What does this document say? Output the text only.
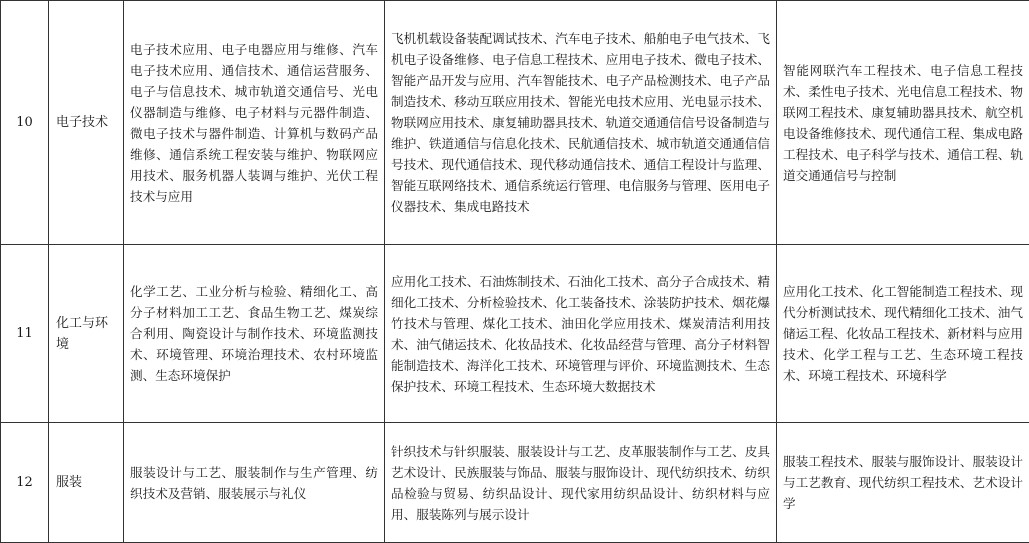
10	电子技术	电子技术应用、电子电器应用与维修、汽车电子技术应用、通信技术、通信运营服务、电子与信息技术、城市轨道交通信号、光电仪器制造与维修、电子材料与元器件制造、微电子技术与器件制造、计算机与数码产品维修、通信系统工程安装与维护、物联网应用技术、服务机器人装调与维护、光伏工程技术与应用	飞机机载设备装配调试技术、汽车电子技术、船舶电子电气技术、飞机电子设备维修、电子信息工程技术、应用电子技术、微电子技术、智能产品开发与应用、汽车智能技术、电子产品检测技术、电子产品制造技术、移动互联应用技术、智能光电技术应用、光电显示技术、物联网应用技术、康复辅助器具技术、轨道交通通信信号设备制造与维护、铁道通信与信息化技术、民航通信技术、城市轨道交通通信信号技术、现代通信技术、现代移动通信技术、通信工程设计与监理、智能互联网络技术、通信系统运行管理、电信服务与管理、医用电子仪器技术、集成电路技术	智能网联汽车工程技术、电子信息工程技术、柔性电子技术、光电信息工程技术、物联网工程技术、康复辅助器具技术、航空机电设备维修技术、现代通信工程、集成电路工程技术、电子科学与技术、通信工程、轨道交通通信号与控制
11	化工与环境	化学工艺、工业分析与检验、精细化工、高分子材料加工工艺、食品生物工艺、煤炭综合利用、陶瓷设计与制作技术、环境监测技术、环境管理、环境治理技术、农村环境监测、生态环境保护	应用化工技术、石油炼制技术、石油化工技术、高分子合成技术、精细化工技术、分析检验技术、化工装备技术、涂装防护技术、烟花爆竹技术与管理、煤化工技术、油田化学应用技术、煤炭清洁利用技术、油气储运技术、化妆品技术、化妆品经营与管理、高分子材料智能制造技术、海洋化工技术、环境管理与评价、环境监测技术、生态保护技术、环境工程技术、生态环境大数据技术	应用化工技术、化工智能制造工程技术、现代分析测试技术、现代精细化工技术、油气储运工程、化妆品工程技术、新材料与应用技术、化学工程与工艺、生态环境工程技术、环境工程技术、环境科学
12	服装	服装设计与工艺、服装制作与生产管理、纺织技术及营销、服装展示与礼仪	针织技术与针织服装、服装设计与工艺、皮革服装制作与工艺、皮具艺术设计、民族服装与饰品、服装与服饰设计、现代纺织技术、纺织品检验与贸易、纺织品设计、现代家用纺织品设计、纺织材料与应用、服装陈列与展示设计	服装工程技术、服装与服饰设计、服装设计与工艺教育、现代纺织工程技术、艺术设计学
